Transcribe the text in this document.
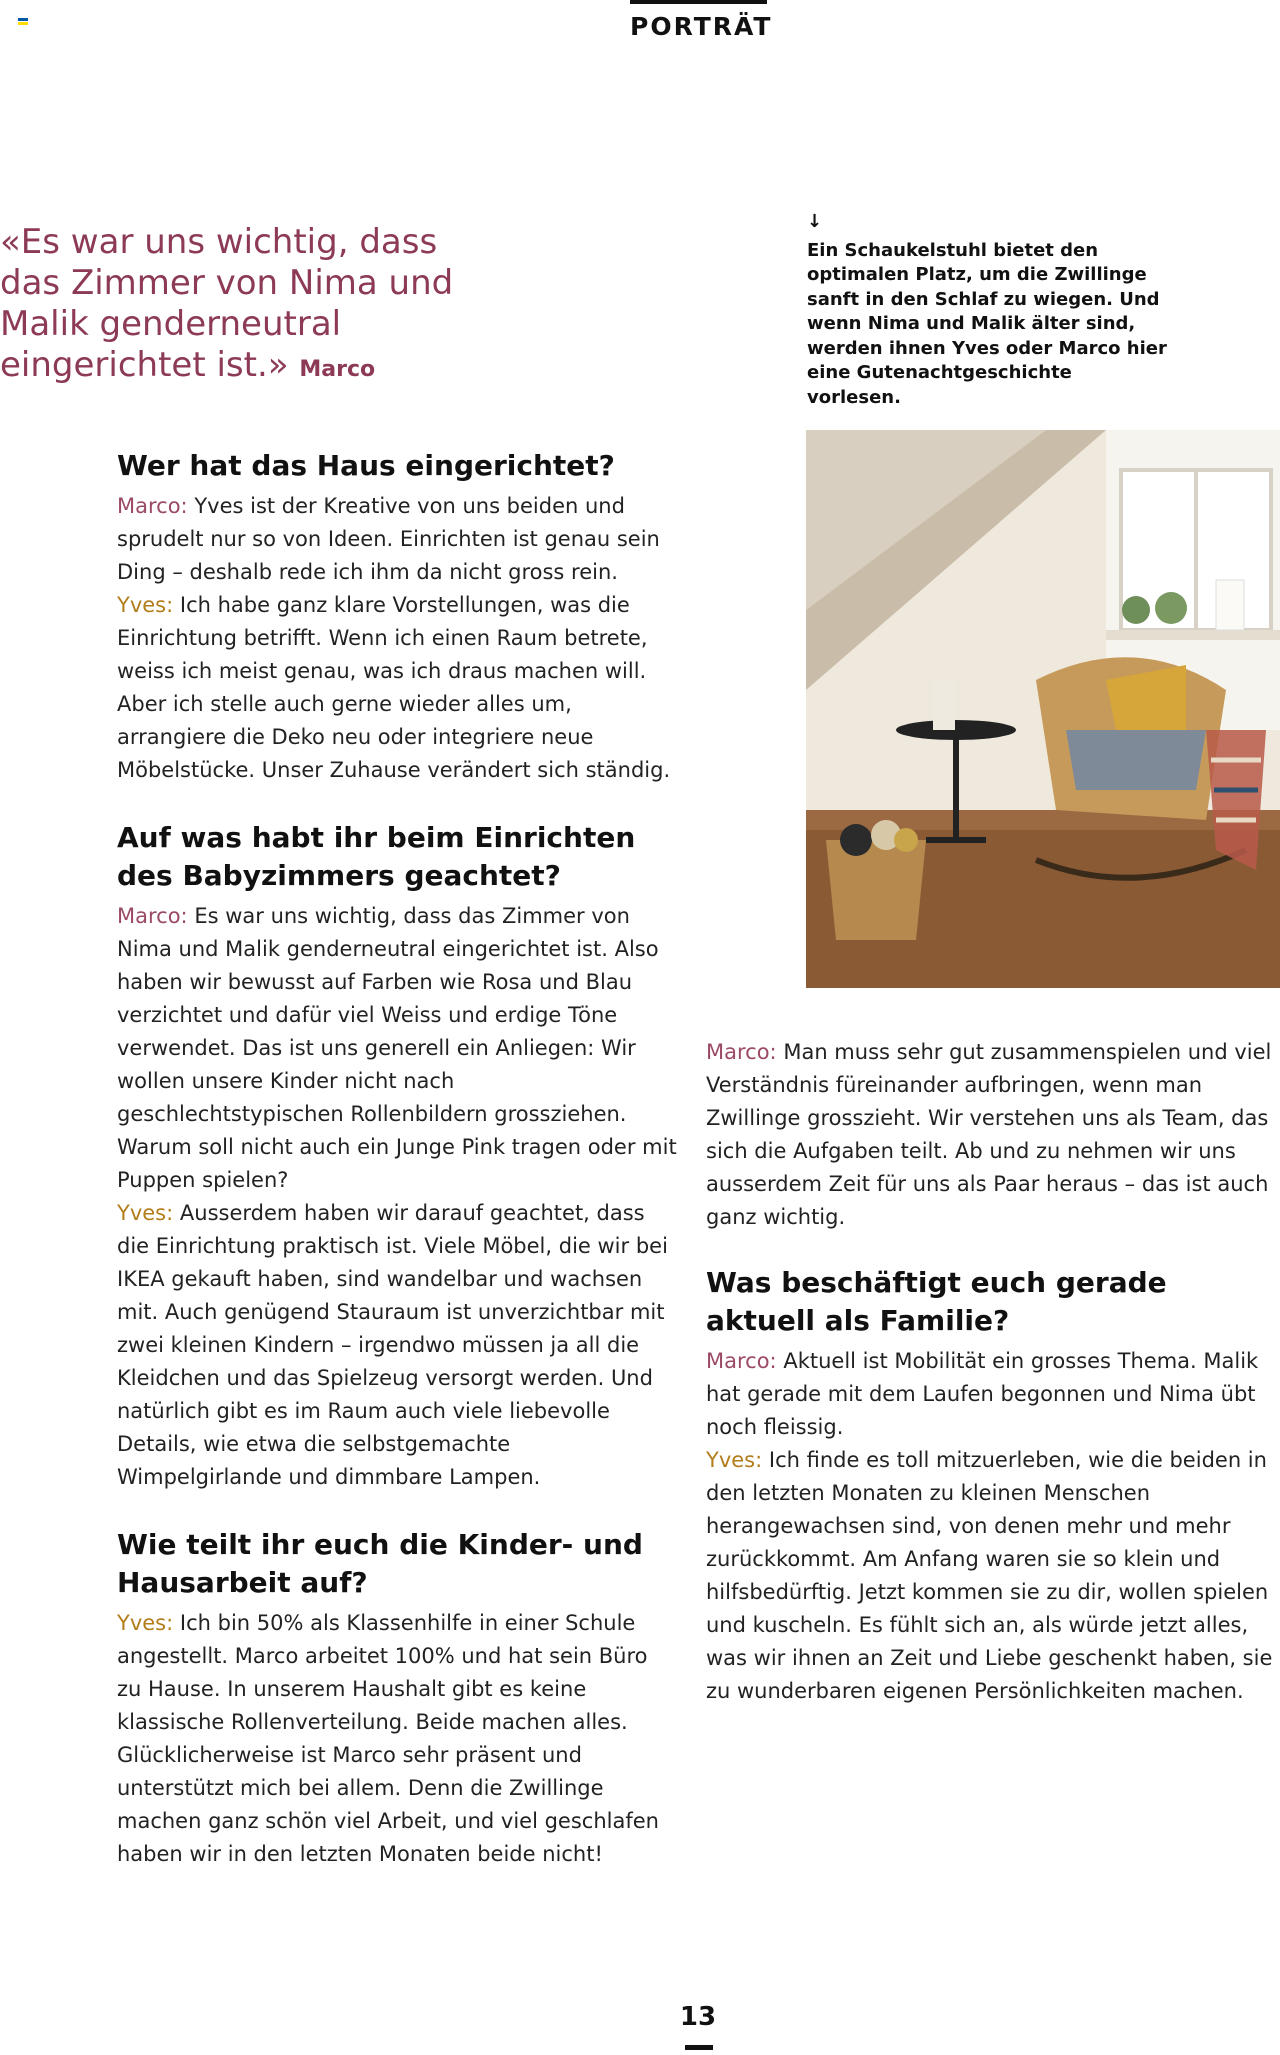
PORTRÄT
«Es war uns wichtig, dass das Zimmer von Nima und Malik genderneutral eingerichtet ist.» Marco
↓
Ein Schaukelstuhl bietet den optimalen Platz, um die Zwillinge sanft in den Schlaf zu wiegen. Und wenn Nima und Malik älter sind, werden ihnen Yves oder Marco hier eine Gutenachtgeschichte vorlesen.
Wer hat das Haus eingerichtet?

Marco: Yves ist der Kreative von uns beiden und sprudelt nur so von Ideen. Einrichten ist genau sein Ding – deshalb rede ich ihm da nicht gross rein.
Yves: Ich habe ganz klare Vorstellungen, was die Einrichtung betrifft. Wenn ich einen Raum betrete, weiss ich meist genau, was ich draus machen will. Aber ich stelle auch gerne wieder alles um, arrangiere die Deko neu oder integriere neue Möbelstücke. Unser Zuhause verändert sich ständig.

Auf was habt ihr beim Einrichten
des Babyzimmers geachtet?

Marco: Es war uns wichtig, dass das Zimmer von Nima und Malik genderneutral eingerichtet ist. Also haben wir bewusst auf Farben wie Rosa und Blau verzichtet und dafür viel Weiss und erdige Töne verwendet. Das ist uns generell ein Anliegen: Wir wollen unsere Kinder nicht nach geschlechtstypischen Rollenbildern grossziehen. Warum soll nicht auch ein Junge Pink tragen oder mit Puppen spielen?
Yves: Ausserdem haben wir darauf geachtet, dass die Einrichtung praktisch ist. Viele Möbel, die wir bei IKEA gekauft haben, sind wandelbar und wachsen mit. Auch genügend Stauraum ist unverzichtbar mit zwei kleinen Kindern – irgendwo müssen ja all die Kleidchen und das Spielzeug versorgt werden. Und natürlich gibt es im Raum auch viele liebevolle Details, wie etwa die selbstgemachte Wimpelgirlande und dimmbare Lampen.

Wie teilt ihr euch die Kinder- und
Hausarbeit auf?

Yves: Ich bin 50% als Klassenhilfe in einer Schule angestellt. Marco arbeitet 100% und hat sein Büro zu Hause. In unserem Haushalt gibt es keine klassische Rollenverteilung. Beide machen alles. Glücklicherweise ist Marco sehr präsent und unterstützt mich bei allem. Denn die Zwillinge machen ganz schön viel Arbeit, und viel geschlafen haben wir in den letzten Monaten beide nicht!

Marco: Man muss sehr gut zusammenspielen und viel Verständnis füreinander aufbringen, wenn man Zwillinge grosszieht. Wir verstehen uns als Team, das sich die Aufgaben teilt. Ab und zu nehmen wir uns ausserdem Zeit für uns als Paar heraus – das ist auch ganz wichtig.

Was beschäftigt euch gerade
aktuell als Familie?

Marco: Aktuell ist Mobilität ein grosses Thema. Malik hat gerade mit dem Laufen begonnen und Nima übt noch fleissig.
Yves: Ich finde es toll mitzuerleben, wie die beiden in den letzten Monaten zu kleinen Menschen herangewachsen sind, von denen mehr und mehr zurückkommt. Am Anfang waren sie so klein und hilfsbedürftig. Jetzt kommen sie zu dir, wollen spielen und kuscheln. Es fühlt sich an, als würde jetzt alles, was wir ihnen an Zeit und Liebe geschenkt haben, sie zu wunderbaren eigenen Persönlichkeiten machen.

13
